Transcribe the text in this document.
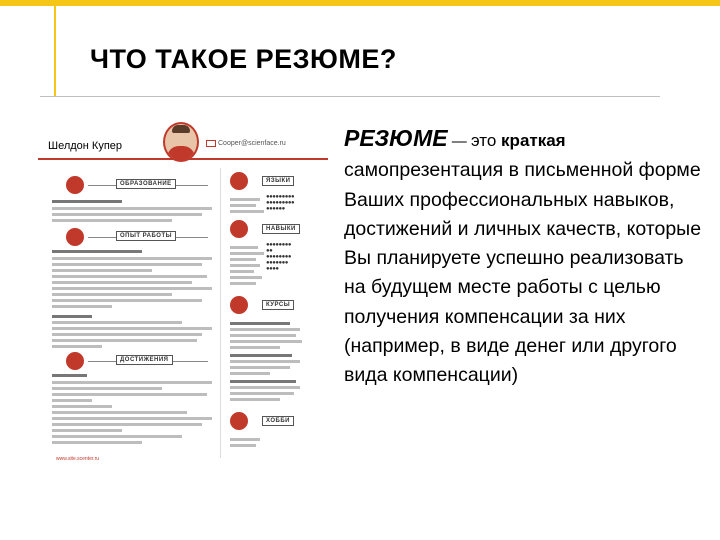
ЧТО ТАКОЕ РЕЗЮМЕ?
Шелдон Купер	Cooper@scienface.ru
ОБРАЗОВАНИЕ
ОПЫТ РАБОТЫ
ДОСТИЖЕНИЯ
www.site.scenter.ru
ЯЗЫКИ
●●●●●●●●●
●●●●●●●●●
●●●●●●
НАВЫКИ
●●●●●●●●
●●
●●●●●●●●
●●●●●●●
●●●●
КУРСЫ
ХОББИ
РЕЗЮМЕ — это краткая самопрезентация в письменной форме Ваших профессиональных навыков, достижений и личных качеств, которые Вы планируете успешно реализовать на будущем месте работы с целью получения компенсации за них (например, в виде денег или другого вида компенсации)
